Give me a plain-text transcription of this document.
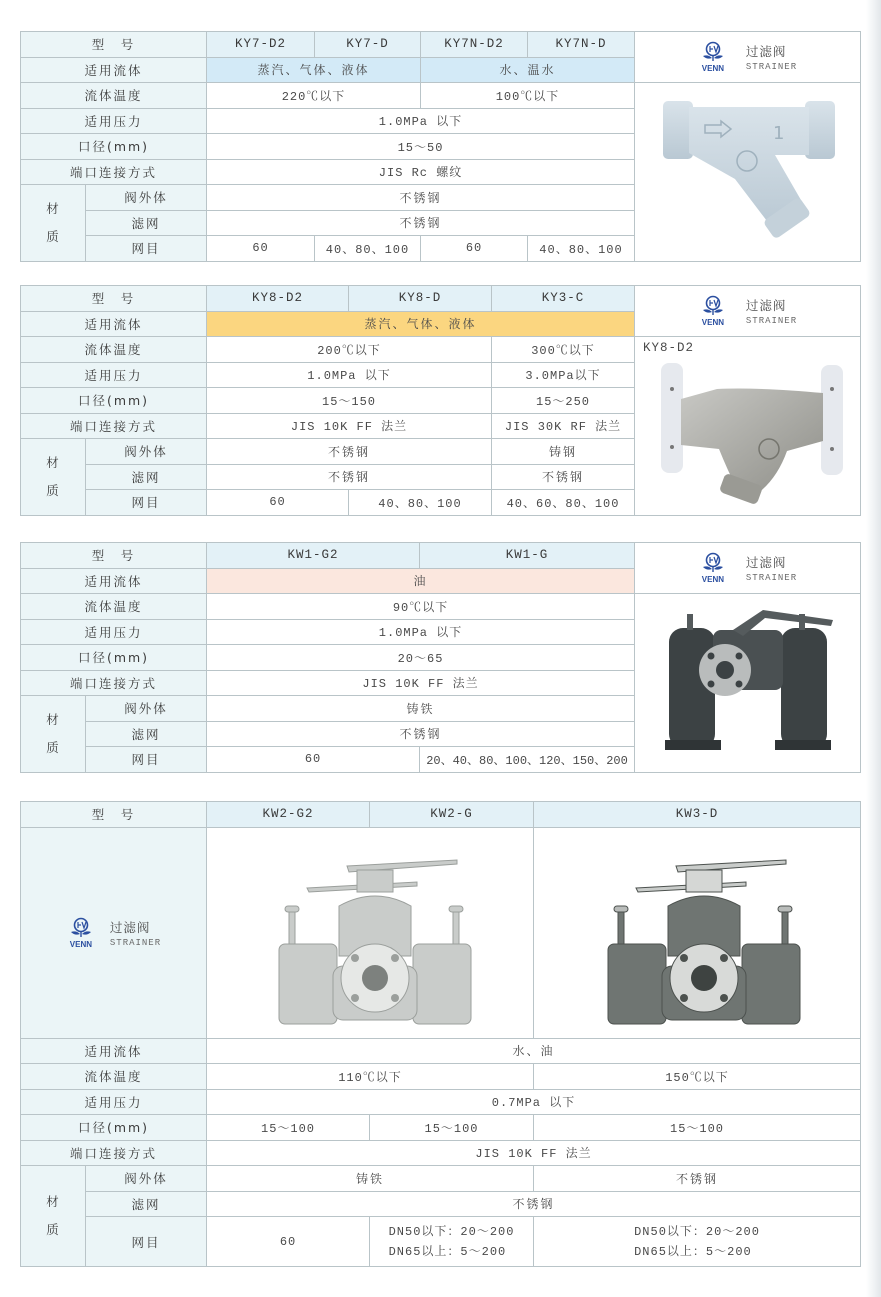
型　号		KY7-D2	KY7-D	KY7N-D2	KY7N-D	VENN
过滤阀
STRAINER

适用流体		蒸汽、气体、液体		水、温水		
流体温度		220℃以下		100℃以下		1

适用压力		1.0MPa 以下				
口径(mm)		15～50				
端口连接方式		JIS Rc 螺纹				
材
质	阀外体	不锈钢				
	滤网	不锈钢				
	网目	60	40、80、100	60	40、80、100	
型　号		KY8-D2	KY8-D	KY3-C	VENN
过滤阀
STRAINER

适用流体		蒸汽、气体、液体			
流体温度		200℃以下		300℃以下	KY8-D2

适用压力		1.0MPa 以下		3.0MPa以下	
口径(mm)		15～150		15～250	
端口连接方式		JIS 10K FF 法兰		JIS 30K RF 法兰	
材
质	阀外体	不锈钢		铸钢	
	滤网	不锈钢		不锈钢	
	网目	60	40、80、100	40、60、80、100	
型　号		KW1-G2	KW1-G	VENN
过滤阀
STRAINER

适用流体		油		
流体温度		90℃以下	

适用压力		1.0MPa 以下		
口径(mm)		20～65		
端口连接方式		JIS 10K FF 法兰		
材
质	阀外体	铸铁		
	滤网	不锈钢		
	网目	60	20、40、80、100、120、150、200	
型　号		KW2-G2	KW2-G	KW3-D

VENN
过滤阀
STRAINER

适用流体		水、油		
流体温度		110℃以下		150℃以下
适用压力		0.7MPa 以下		
口径(mm)		15～100	15～100	15～100
端口连接方式		JIS 10K FF 法兰		
材
质	阀外体	铸铁		不锈钢
	滤网	不锈钢		
	网目	60	DN50以下：20～200
DN65以上：5～200	DN50以下：20～200
DN65以上：5～200
